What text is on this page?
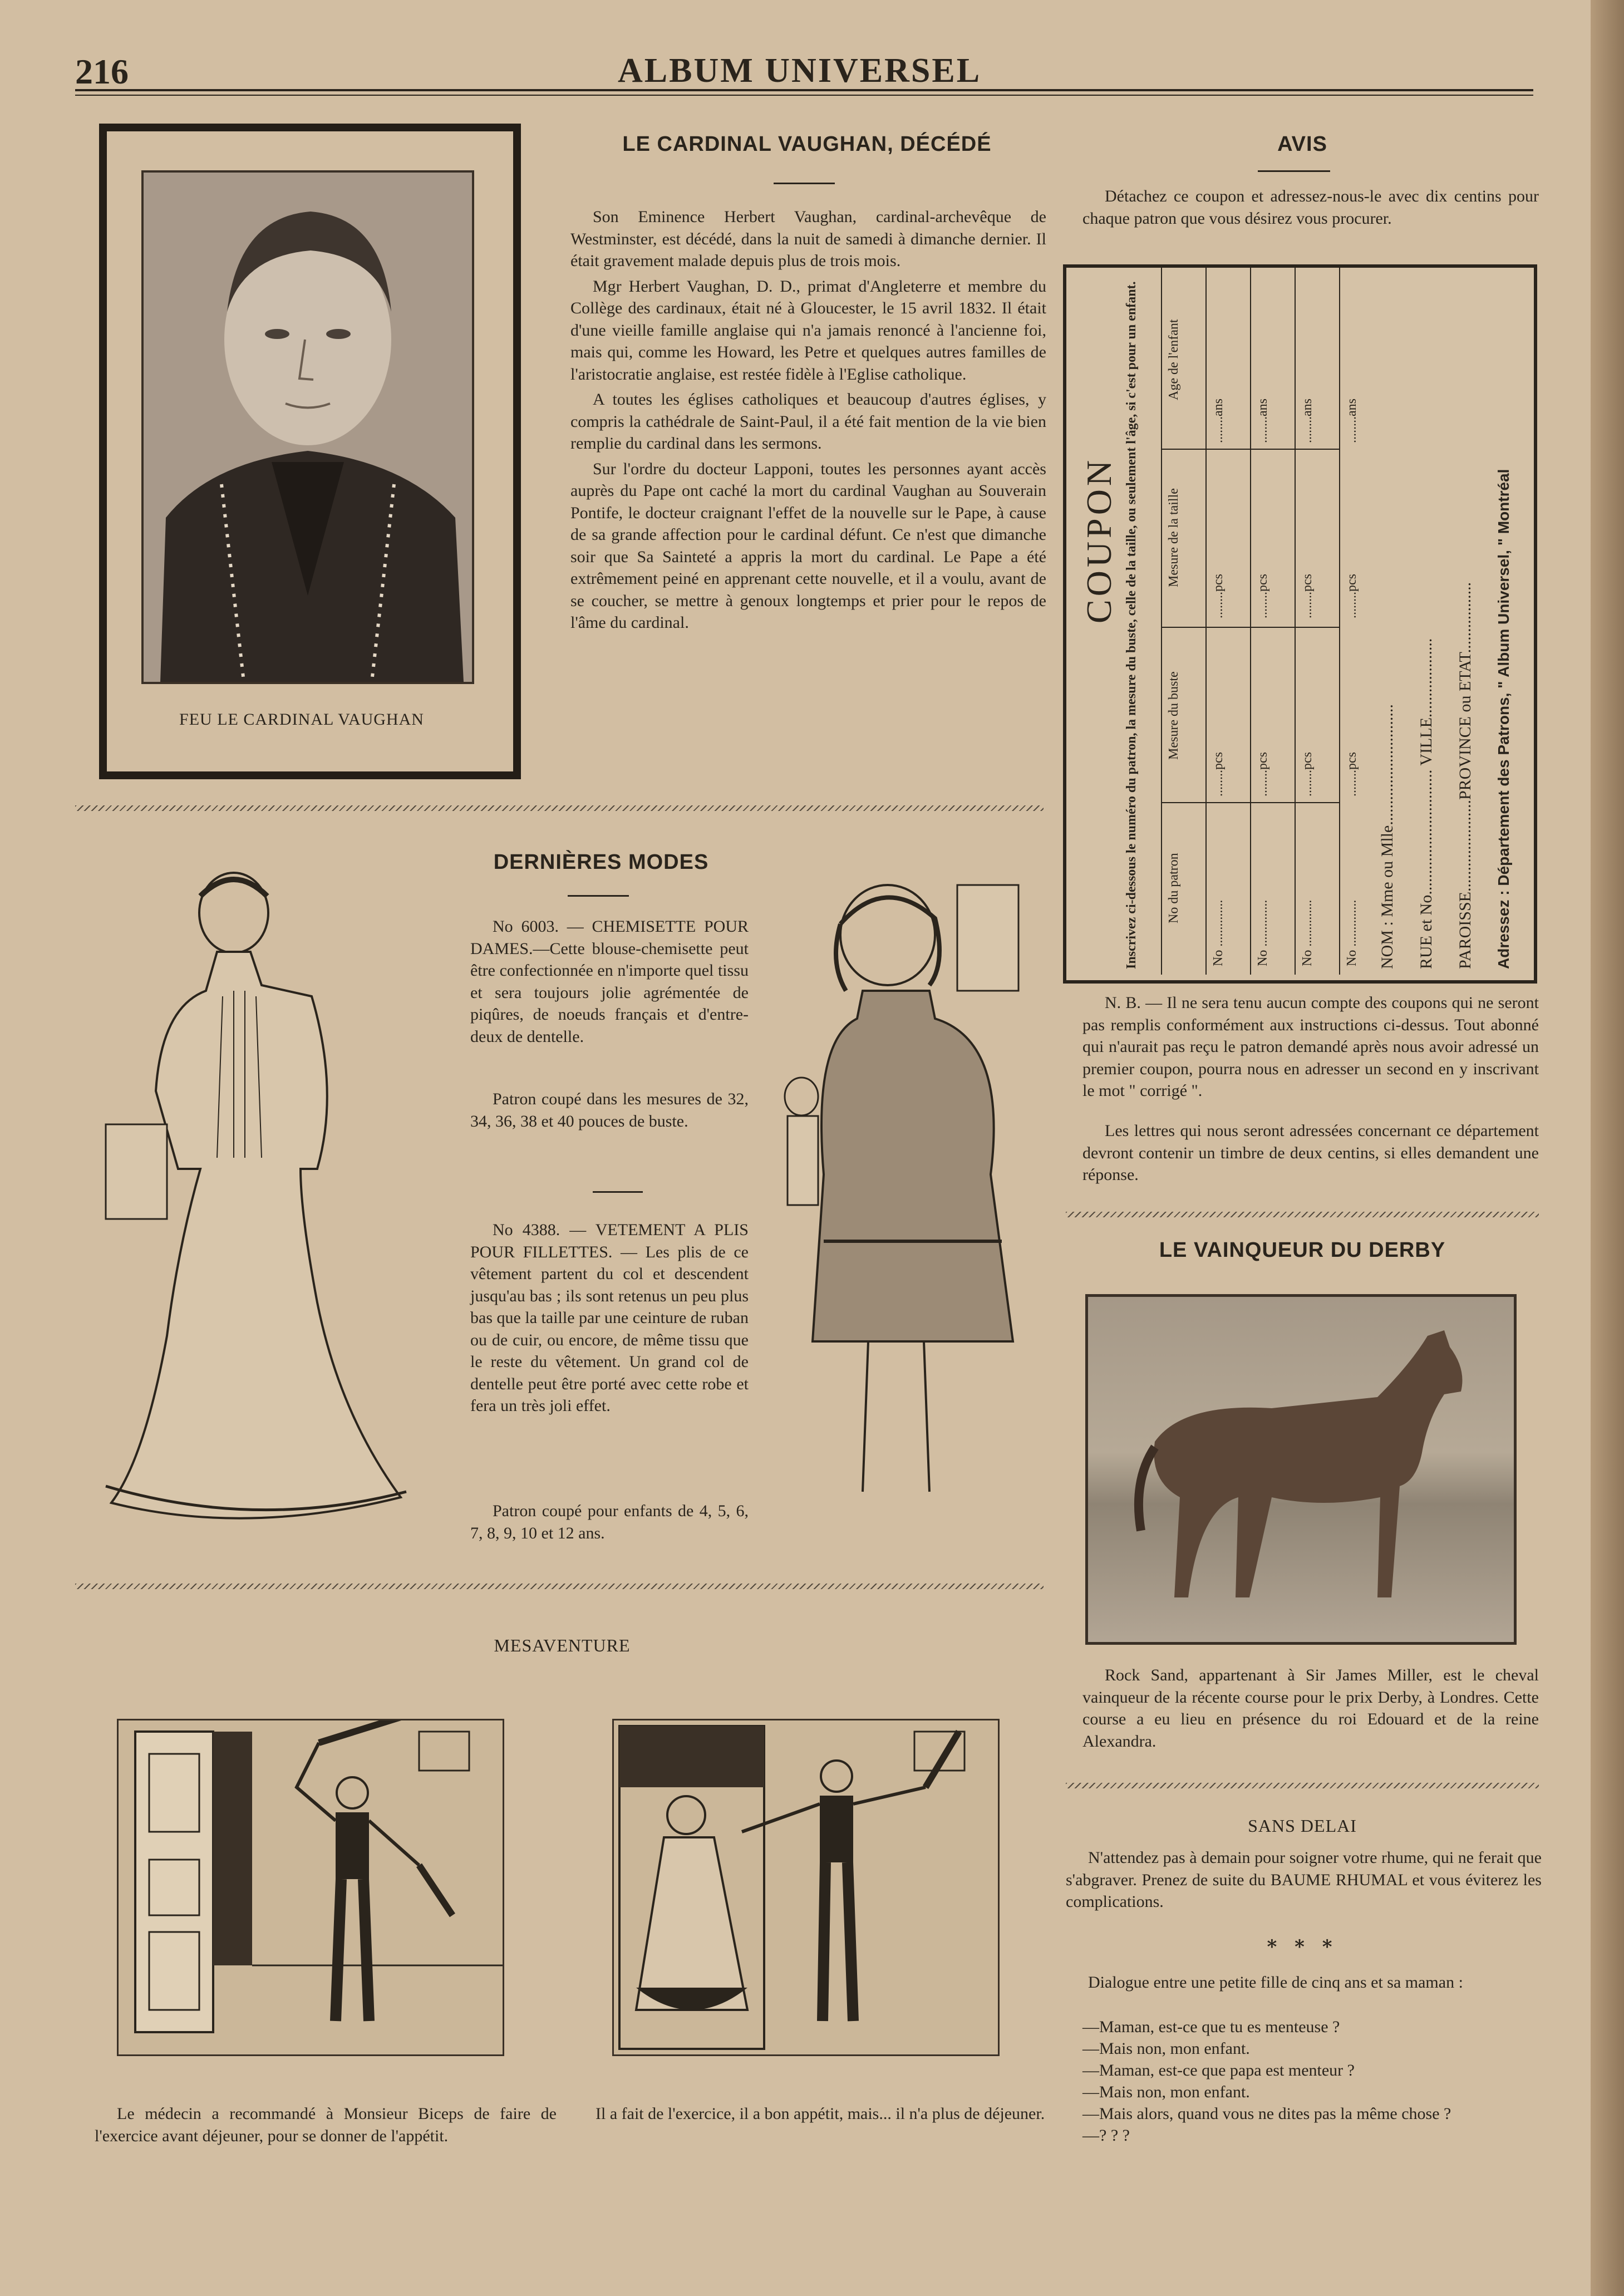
216	ALBUM UNIVERSEL
FEU LE CARDINAL VAUGHAN
LE CARDINAL VAUGHAN, DÉCÉDÉ

Son Eminence Herbert Vaughan, cardinal-archevêque de Westminster, est décédé, dans la nuit de samedi à dimanche dernier. Il était gravement malade depuis plus de trois mois.

Mgr Herbert Vaughan, D. D., primat d'Angleterre et membre du Collège des cardinaux, était né à Gloucester, le 15 avril 1832. Il était d'une vieille famille anglaise qui n'a jamais renoncé à l'ancienne foi, mais qui, comme les Howard, les Petre et quelques autres familles de l'aristocratie anglaise, est restée fidèle à l'Eglise catholique.

A toutes les églises catholiques et beaucoup d'autres églises, y compris la cathédrale de Saint-Paul, il a été fait mention de la vie bien remplie du cardinal dans les sermons.

Sur l'ordre du docteur Lapponi, toutes les personnes ayant accès auprès du Pape ont caché la mort du cardinal Vaughan au Souverain Pontife, le docteur craignant l'effet de la nouvelle sur le Pape, à cause de sa grande affection pour le cardinal défunt. Ce n'est que dimanche soir que Sa Sainteté a appris la mort du cardinal. Le Pape a été extrêmement peiné en apprenant cette nouvelle, et il a voulu, avant de se coucher, se mettre à genoux longtemps et prier pour le repos de l'âme du cardinal.

AVIS
Détachez ce coupon et adressez-nous-le avec dix centins pour chaque patron que vous désirez vous procurer.
COUPON Inscrivez ci-dessous le numéro du patron, la mesure du buste, celle de la taille, ou seulement l'âge, si c'est pour un enfant.	No du patron
Mesure du buste
Mesure de la taille
Age de l'enfant
No .............. No .............. No .............. No ..............
........pcs ........pcs ........pcs ........pcs
........pcs ........pcs ........pcs ........pcs
........ans ........ans ........ans ........ans
NOM : Mme ou Mlle............................. RUE et No.............................. VILLE................... PAROISSE......................PROVINCE ou ETAT................. Adressez : Département des Patrons, " Album Universel, " Montréal
N. B. — Il ne sera tenu aucun compte des coupons qui ne seront pas remplis conformément aux instructions ci-dessus. Tout abonné qui n'aurait pas reçu le patron demandé après nous avoir adressé un premier coupon, pourra nous en adresser un second en y inscrivant le mot " corrigé ".
Les lettres qui nous seront adressées concernant ce département devront contenir un timbre de deux centins, si elles demandent une réponse.
LE VAINQUEUR DU DERBY
Rock Sand, appartenant à Sir James Miller, est le cheval vainqueur de la récente course pour le prix Derby, à Londres. Cette course a eu lieu en présence du roi Edouard et de la reine Alexandra.
DERNIÈRES MODES
No 6003. — CHEMISETTE POUR DAMES.—Cette blouse-chemisette peut être confectionnée en n'importe quel tissu et sera toujours jolie agrémentée de piqûres, de noeuds français et d'entre-deux de dentelle.
Patron coupé dans les mesures de 32, 34, 36, 38 et 40 pouces de buste.
No 4388. — VETEMENT A PLIS POUR FILLETTES. — Les plis de ce vêtement partent du col et descendent jusqu'au bas ; ils sont retenus un peu plus bas que la taille par une ceinture de ruban ou de cuir, ou encore, de même tissu que le reste du vêtement. Un grand col de dentelle peut être porté avec cette robe et fera un très joli effet.
Patron coupé pour enfants de 4, 5, 6, 7, 8, 9, 10 et 12 ans.
MESAVENTURE
Le médecin a recommandé à Monsieur Biceps de faire de l'exercice avant déjeuner, pour se donner de l'appétit.
Il a fait de l'exercice, il a bon appétit, mais... il n'a plus de déjeuner.
SANS DELAI
N'attendez pas à demain pour soigner votre rhume, qui ne ferait que s'abgraver. Prenez de suite du BAUME RHUMAL et vous éviterez les complications.
* * *
Dialogue entre une petite fille de cinq ans et sa maman :
—Maman, est-ce que tu es menteuse ?
—Mais non, mon enfant.
—Maman, est-ce que papa est menteur ?
—Mais non, mon enfant.
—Mais alors, quand vous ne dites pas la même chose ?
—? ? ?
